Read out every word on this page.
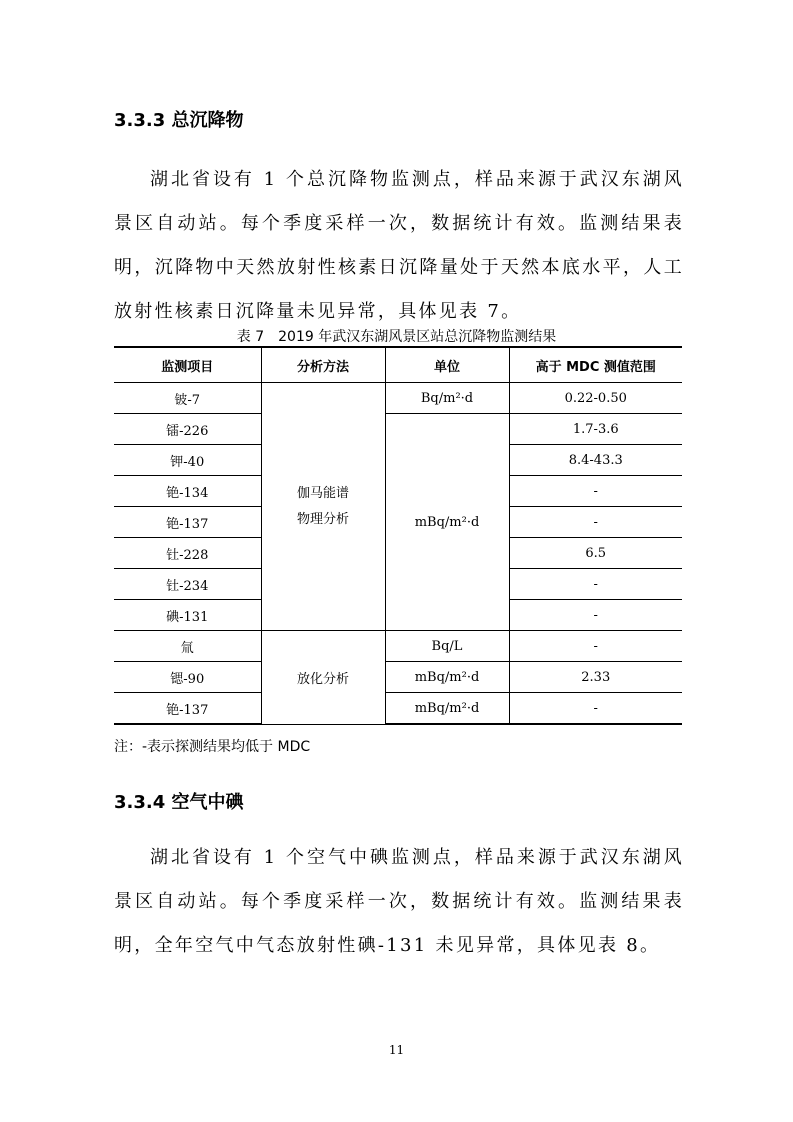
3.3.3 总沉降物
湖北省设有 1 个总沉降物监测点，样品来源于武汉东湖风景区自动站。每个季度采样一次，数据统计有效。监测结果表明，沉降物中天然放射性核素日沉降量处于天然本底水平，人工放射性核素日沉降量未见异常，具体见表 7。
表 7　2019 年武汉东湖风景区站总沉降物监测结果
监测项目	分析方法	单位	高于 MDC 测值范围
铍-7	伽马能谱物理分析	Bq/m²·d	0.22-0.50
镭-226		mBq/m²·d	1.7-3.6
钾-40			8.4-43.3
铯-134			-
铯-137			-
钍-228			6.5
钍-234			-
碘-131			-
氚	放化分析	Bq/L	-
锶-90		mBq/m²·d	2.33
铯-137		mBq/m²·d	-
注：-表示探测结果均低于 MDC
3.3.4 空气中碘
湖北省设有 1 个空气中碘监测点，样品来源于武汉东湖风景区自动站。每个季度采样一次，数据统计有效。监测结果表明，全年空气中气态放射性碘-131 未见异常，具体见表 8。
11
